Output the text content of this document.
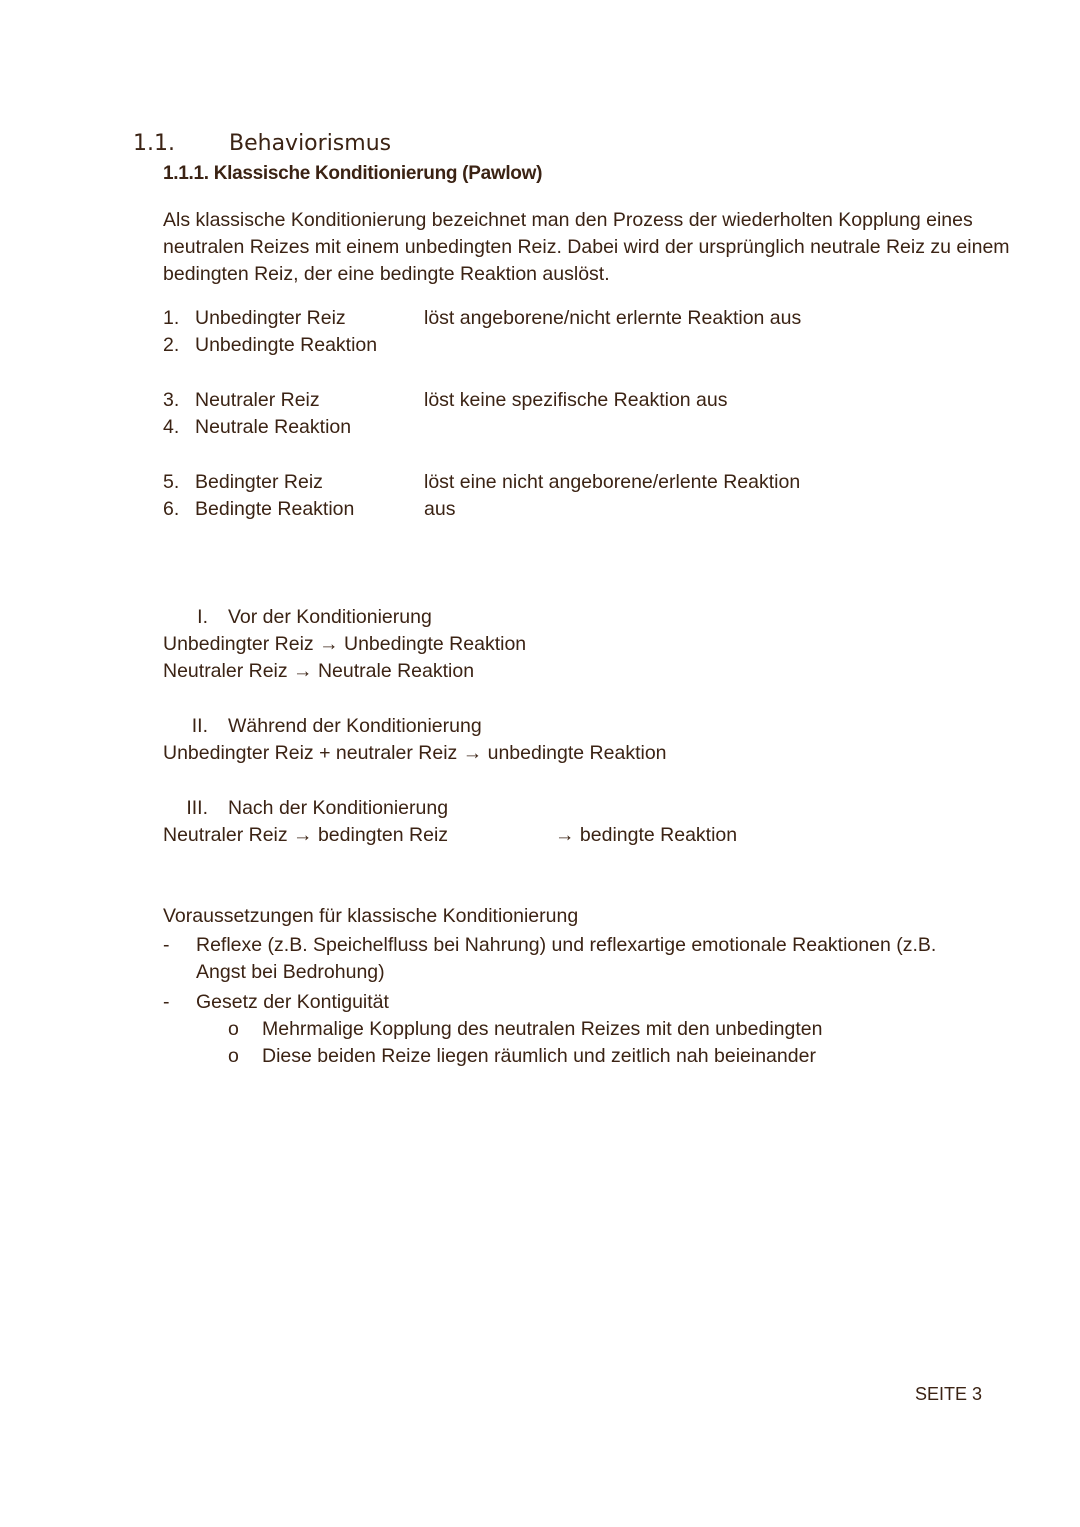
1.1. Behaviorismus
1.1.1. Klassische Konditionierung (Pawlow)
Als klassische Konditionierung bezeichnet man den Prozess der wiederholten Kopplung eines neutralen Reizes mit einem unbedingten Reiz. Dabei wird der ursprünglich neutrale Reiz zu einem bedingten Reiz, der eine bedingte Reaktion auslöst.
1. Unbedingter Reiz	löst angeborene/nicht erlernte Reaktion aus
2. Unbedingte Reaktion
3. Neutraler Reiz	löst keine spezifische Reaktion aus
4. Neutrale Reaktion
5. Bedingter Reiz	löst eine nicht angeborene/erlente Reaktion
6. Bedingte Reaktion	aus
I. Vor der Konditionierung
Unbedingter Reiz → Unbedingte Reaktion
Neutraler Reiz → Neutrale Reaktion
II. Während der Konditionierung
Unbedingter Reiz + neutraler Reiz → unbedingte Reaktion
III. Nach der Konditionierung
Neutraler Reiz → bedingten Reiz	→ bedingte Reaktion
Voraussetzungen für klassische Konditionierung
- Reflexe (z.B. Speichelfluss bei Nahrung) und reflexartige emotionale Reaktionen (z.B.
Angst bei Bedrohung)
- Gesetz der Kontiguität
o Mehrmalige Kopplung des neutralen Reizes mit den unbedingten
o Diese beiden Reize liegen räumlich und zeitlich nah beieinander
SEITE 3
